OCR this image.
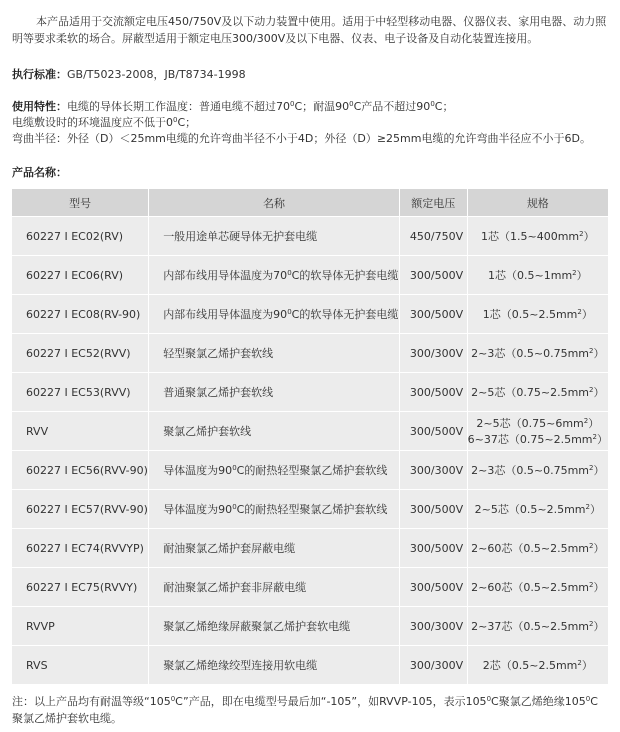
本产品适用于交流额定电压450/750V及以下动力装置中使用。适用于中轻型移动电器、仪器仪表、家用电器、动力照明等要求柔软的场合。屏蔽型适用于额定电压300/300V及以下电器、仪表、电子设备及自动化装置连接用。
执行标准：GB/T5023-2008，JB/T8734-1998
使用特性：电缆的导体长期工作温度：普通电缆不超过$70^0C$；耐温$90^0C$产品不超过$90^0C$；
电缆敷设时的环境温度应不低于$0^0C$；
弯曲半径：外径（D）＜25mm电缆的允许弯曲半径不小于4D；外径（D）≥25mm电缆的允许弯曲半径应不小于6D。
产品名称：
型号	名称	额定电压	规格
60227 I EC02(RV)	一般用途单芯硬导体无护套电缆	450/750V	1芯$(1.5\sim 400mm^2)$

60227 I EC06(RV)	内部布线用导体温度为$70^0C$的软导体无护套电缆	300/500V	1芯$(0.5\sim 1mm^2)$

60227 I EC08(RV-90)	内部布线用导体温度为$90^0C$的软导体无护套电缆	300/500V	1芯$(0.5\sim 2.5mm^2)$

60227 I EC52(RVV)	轻型聚氯乙烯护套软线	300/300V	2~3芯$(0.5\sim 0.75mm^2)$

60227 I EC53(RVV)	普通聚氯乙烯护套软线	300/500V	2~5芯$(0.75\sim 2.5mm^2)$

RVV	聚氯乙烯护套软线	300/500V	2~5芯$(0.75\sim 6mm^2)$
6~37芯$(0.75\sim 2.5mm^2)$

60227 I EC56(RVV-90)	导体温度为$90^0C$的耐热轻型聚氯乙烯护套软线	300/300V	2~3芯$(0.5\sim 0.75mm^2)$

60227 I EC57(RVV-90)	导体温度为$90^0C$的耐热轻型聚氯乙烯护套软线	300/500V	2~5芯$(0.5\sim 2.5mm^2)$

60227 I EC74(RVVYP)	耐油聚氯乙烯护套屏蔽电缆	300/500V	2~60芯$(0.5\sim 2.5mm^2)$

60227 I EC75(RVVY)	耐油聚氯乙烯护套非屏蔽电缆	300/500V	2~60芯$(0.5\sim 2.5mm^2)$

RVVP	聚氯乙烯绝缘屏蔽聚氯乙烯护套软电缆	300/300V	2~37芯$(0.5\sim 2.5mm^2)$

RVS	聚氯乙烯绝缘绞型连接用软电缆	300/300V	2芯$(0.5\sim 2.5mm^2)$
注：以上产品均有耐温等级“$105^0C$”产品，即在电缆型号最后加“-105”，如RVVP-105，表示$105^0C$聚氯乙烯绝缘$105^0C$聚氯乙烯护套软电缆。
